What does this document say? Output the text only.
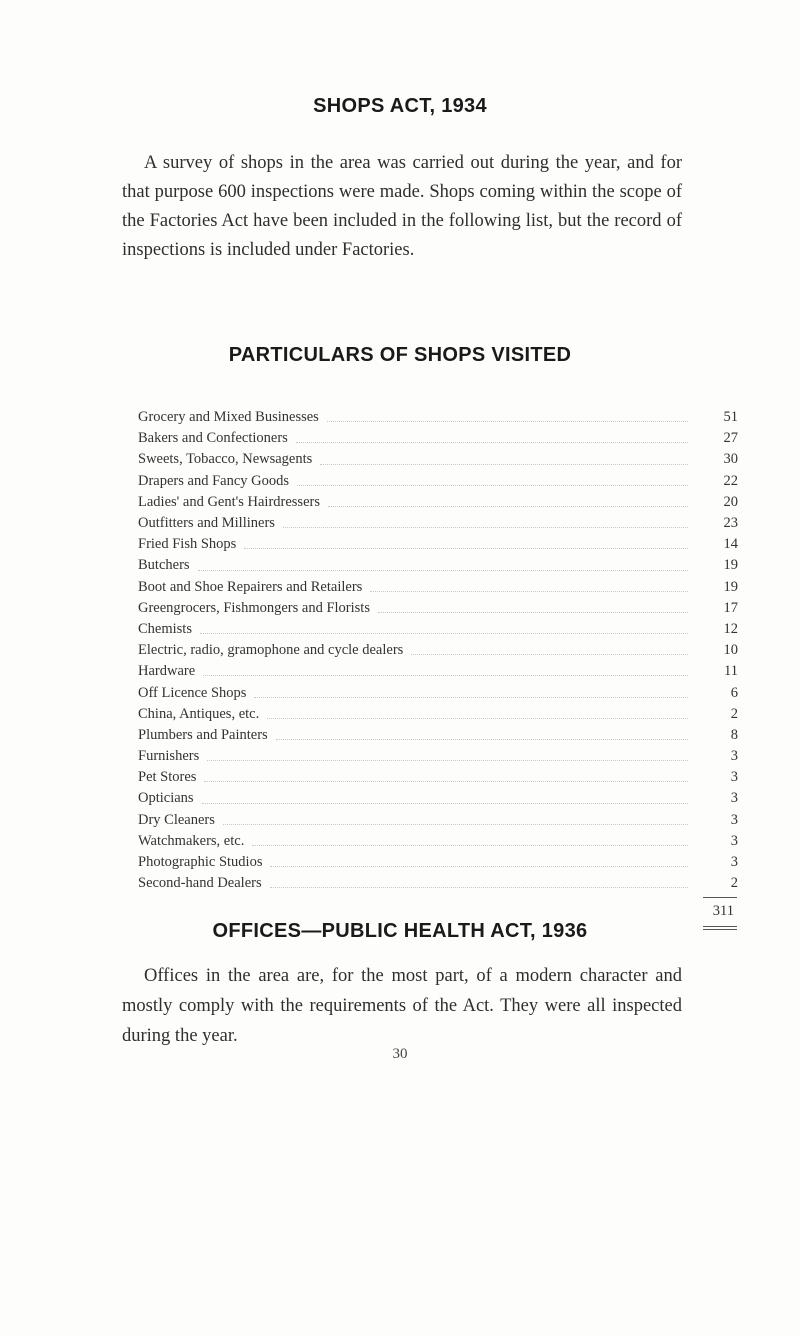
SHOPS ACT, 1934

A survey of shops in the area was carried out during the year, and for that purpose 600 inspections were made. Shops coming within the scope of the Factories Act have been included in the following list, but the record of inspections is included under Factories.

PARTICULARS OF SHOPS VISITED
Grocery and Mixed Businesses	51
Bakers and Confectioners	27
Sweets, Tobacco, Newsagents	30
Drapers and Fancy Goods	22
Ladies' and Gent's Hairdressers	20
Outfitters and Milliners	23
Fried Fish Shops	14
Butchers	19
Boot and Shoe Repairers and Retailers	19
Greengrocers, Fishmongers and Florists	17
Chemists	12
Electric, radio, gramophone and cycle dealers	10
Hardware	11
Off Licence Shops	6
China, Antiques, etc.	2
Plumbers and Painters	8
Furnishers	3
Pet Stores	3
Opticians	3
Dry Cleaners	3
Watchmakers, etc.	3
Photographic Studios	3
Second-hand Dealers	2
311
OFFICES—PUBLIC HEALTH ACT, 1936

Offices in the area are, for the most part, of a modern character and mostly comply with the requirements of the Act. They were all inspected during the year.

30
